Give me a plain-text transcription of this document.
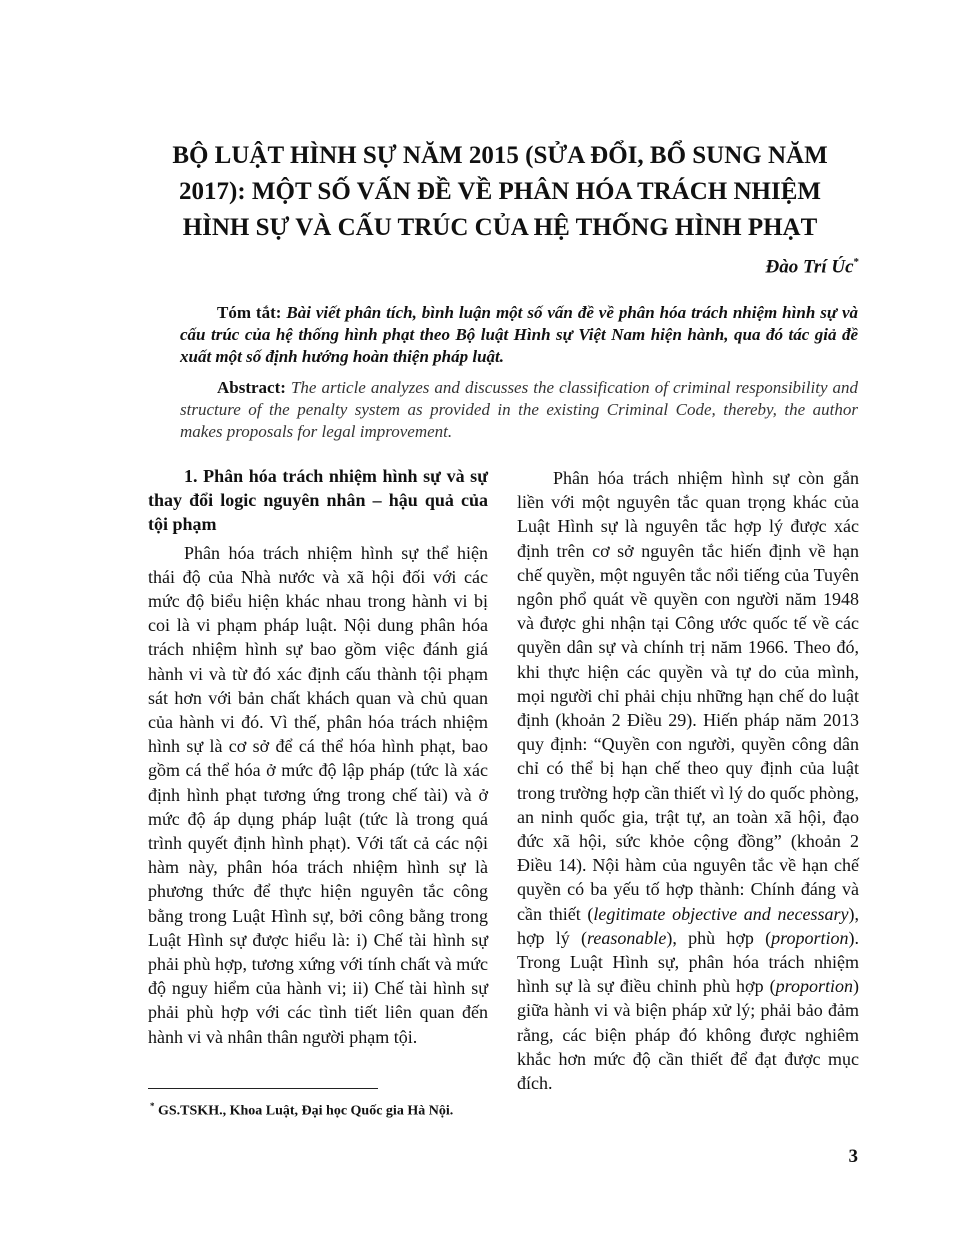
BỘ LUẬT HÌNH SỰ NĂM 2015 (SỬA ĐỔI, BỔ SUNG NĂM
2017): MỘT SỐ VẤN ĐỀ VỀ PHÂN HÓA TRÁCH NHIỆM
HÌNH SỰ VÀ CẤU TRÚC CỦA HỆ THỐNG HÌNH PHẠT
Đào Trí Úc*

Tóm tắt: Bài viết phân tích, bình luận một số vấn đề về phân hóa trách nhiệm hình sự và cấu trúc của hệ thống hình phạt theo Bộ luật Hình sự Việt Nam hiện hành, qua đó tác giả đề xuất một số định hướng hoàn thiện pháp luật.

Abstract: The article analyzes and discusses the classification of criminal responsibility and structure of the penalty system as provided in the existing Criminal Code, thereby, the author makes proposals for legal improvement.

1. Phân hóa trách nhiệm hình sự và sự thay đổi logic nguyên nhân – hậu quả của tội phạm

Phân hóa trách nhiệm hình sự thể hiện thái độ của Nhà nước và xã hội đối với các mức độ biểu hiện khác nhau trong hành vi bị coi là vi phạm pháp luật. Nội dung phân hóa trách nhiệm hình sự bao gồm việc đánh giá hành vi và từ đó xác định cấu thành tội phạm sát hơn với bản chất khách quan và chủ quan của hành vi đó. Vì thế, phân hóa trách nhiệm hình sự là cơ sở để cá thể hóa hình phạt, bao gồm cá thể hóa ở mức độ lập pháp (tức là xác định hình phạt tương ứng trong chế tài) và ở mức độ áp dụng pháp luật (tức là trong quá trình quyết định hình phạt). Với tất cả các nội hàm này, phân hóa trách nhiệm hình sự là phương thức để thực hiện nguyên tắc công bằng trong Luật Hình sự, bởi công bằng trong Luật Hình sự được hiểu là: i) Chế tài hình sự phải phù hợp, tương xứng với tính chất và mức độ nguy hiểm của hành vi; ii) Chế tài hình sự phải phù hợp với các tình tiết liên quan đến hành vi và nhân thân người phạm tội.

Phân hóa trách nhiệm hình sự còn gắn liền với một nguyên tắc quan trọng khác của Luật Hình sự là nguyên tắc hợp lý được xác định trên cơ sở nguyên tắc hiến định về hạn chế quyền, một nguyên tắc nổi tiếng của Tuyên ngôn phổ quát về quyền con người năm 1948 và được ghi nhận tại Công ước quốc tế về các quyền dân sự và chính trị năm 1966. Theo đó, khi thực hiện các quyền và tự do của mình, mọi người chỉ phải chịu những hạn chế do luật định (khoản 2 Điều 29). Hiến pháp năm 2013 quy định: “Quyền con người, quyền công dân chỉ có thể bị hạn chế theo quy định của luật trong trường hợp cần thiết vì lý do quốc phòng, an ninh quốc gia, trật tự, an toàn xã hội, đạo đức xã hội, sức khỏe cộng đồng” (khoản 2 Điều 14). Nội hàm của nguyên tắc về hạn chế quyền có ba yếu tố hợp thành: Chính đáng và cần thiết (legitimate objective and necessary), hợp lý (reasonable), phù hợp (proportion). Trong Luật Hình sự, phân hóa trách nhiệm hình sự là sự điều chỉnh phù hợp (proportion) giữa hành vi và biện pháp xử lý; phải bảo đảm rằng, các biện pháp đó không được nghiêm khắc hơn mức độ cần thiết để đạt được mục đích.

* GS.TSKH., Khoa Luật, Đại học Quốc gia Hà Nội.
3
